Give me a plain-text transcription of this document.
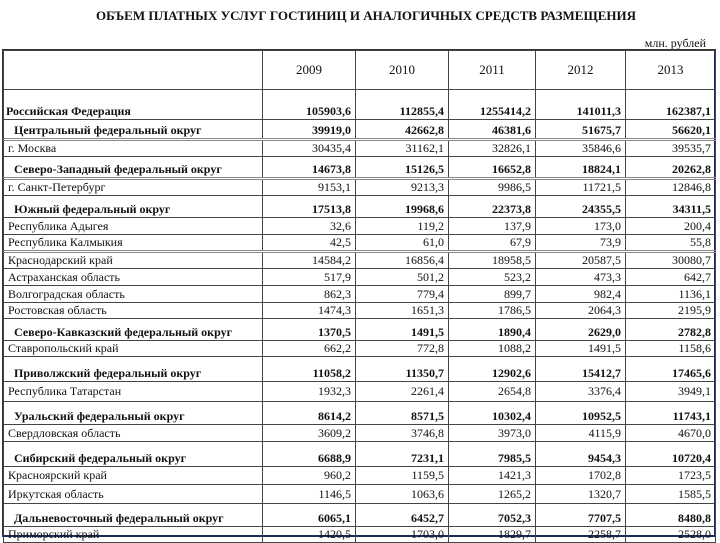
ОБЪЕМ ПЛАТНЫХ УСЛУГ ГОСТИНИЦ И АНАЛОГИЧНЫХ СРЕДСТВ РАЗМЕЩЕНИЯ
млн. рублей
	2009	2010	2011	2012	2013
Российская Федерация	105903,6	112855,4	1255414,2	141011,3	162387,1
Центральный федеральный округ	39919,0	42662,8	46381,6	51675,7	56620,1
г. Москва	30435,4	31162,1	32826,1	35846,6	39535,7
Северо-Западный федеральный округ	14673,8	15126,5	16652,8	18824,1	20262,8
г. Санкт-Петербург	9153,1	9213,3	9986,5	11721,5	12846,8
Южный федеральный округ	17513,8	19968,6	22373,8	24355,5	34311,5
Республика Адыгея	32,6	119,2	137,9	173,0	200,4
Республика Калмыкия	42,5	61,0	67,9	73,9	55,8
Краснодарский край	14584,2	16856,4	18958,5	20587,5	30080,7
Астраханская область	517,9	501,2	523,2	473,3	642,7
Волгоградская область	862,3	779,4	899,7	982,4	1136,1
Ростовская область	1474,3	1651,3	1786,5	2064,3	2195,9
Северо-Кавказский федеральный округ	1370,5	1491,5	1890,4	2629,0	2782,8
Ставропольский край	662,2	772,8	1088,2	1491,5	1158,6
Приволжский федеральный округ	11058,2	11350,7	12902,6	15412,7	17465,6
Республика Татарстан	1932,3	2261,4	2654,8	3376,4	3949,1
Уральский федеральный округ	8614,2	8571,5	10302,4	10952,5	11743,1
Свердловская область	3609,2	3746,8	3973,0	4115,9	4670,0
Сибирский федеральный округ	6688,9	7231,1	7985,5	9454,3	10720,4
Красноярский край	960,2	1159,5	1421,3	1702,8	1723,5
Иркутская область	1146,5	1063,6	1265,2	1320,7	1585,5
Дальневосточный федеральный округ	6065,1	6452,7	7052,3	7707,5	8480,8
Приморский край	1420,5	1703,0	1829,7	2258,7	2528,0
